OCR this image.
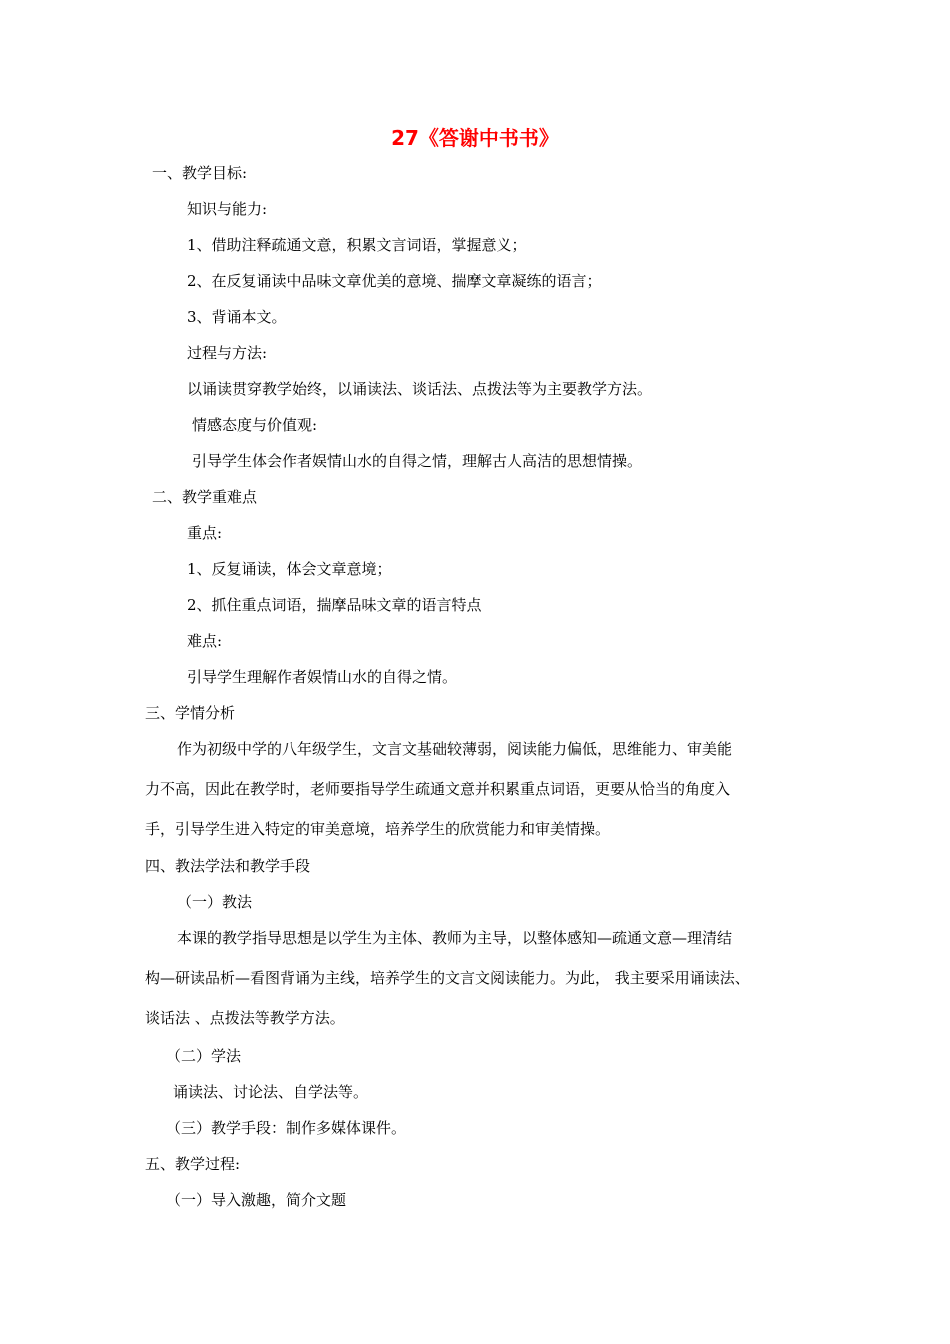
27《答谢中书书》

一、教学目标:

知识与能力:

1、借助注释疏通文意，积累文言词语，掌握意义；

2、在反复诵读中品味文章优美的意境、揣摩文章凝练的语言；

3、背诵本文。

过程与方法:

以诵读贯穿教学始终，以诵读法、谈话法、点拨法等为主要教学方法。

情感态度与价值观:

引导学生体会作者娱情山水的自得之情，理解古人高洁的思想情操。

二、教学重难点

重点:

1、反复诵读，体会文章意境；

2、抓住重点词语，揣摩品味文章的语言特点

难点:

引导学生理解作者娱情山水的自得之情。

三、学情分析

作为初级中学的八年级学生，文言文基础较薄弱，阅读能力偏低，思维能力、审美能

力不高，因此在教学时，老师要指导学生疏通文意并积累重点词语，更要从恰当的角度入

手，引导学生进入特定的审美意境，培养学生的欣赏能力和审美情操。

四、教法学法和教学手段

（一）教法

本课的教学指导思想是以学生为主体、教师为主导，以整体感知—疏通文意—理清结

构—研读品析—看图背诵为主线，培养学生的文言文阅读能力。为此， 我主要采用诵读法、

谈话法 、点拨法等教学方法。

（二）学法

诵读法、讨论法、自学法等。

（三）教学手段：制作多媒体课件。

五、教学过程:

（一）导入激趣，简介文题
